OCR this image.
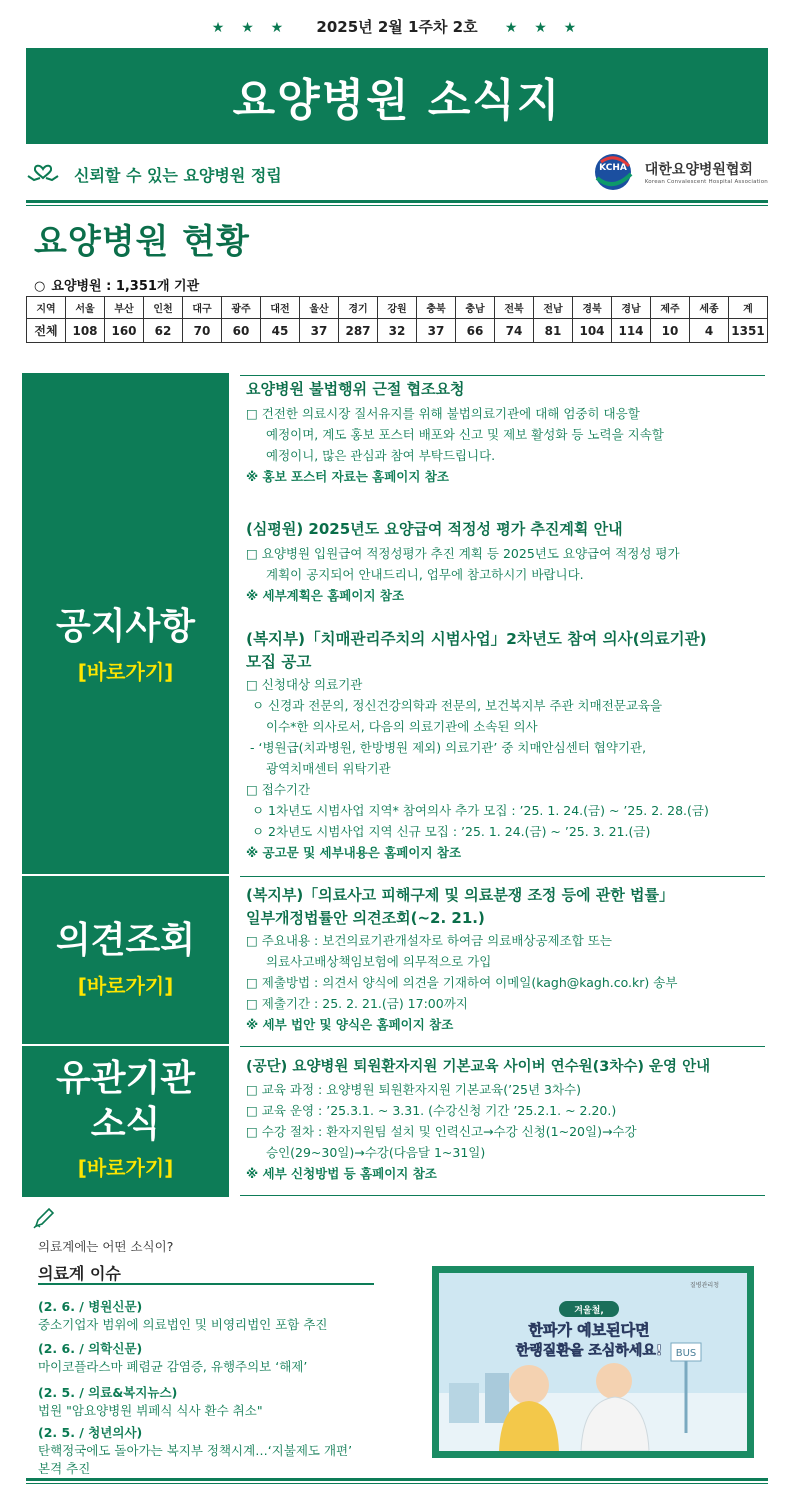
★ ★ ★ 2025년 2월 1주차 2호 ★ ★ ★
요양병원 소식지
신뢰할 수 있는 요양병원 정립	KCHA 대한요양병원협회
Korean Convalescent Hospital Association
요양병원 현황
○ 요양병원 : 1,351개 기관
지역	서울	부산	인천	대구	광주	대전	울산	경기	강원	충북	충남	전북	전남	경북	경남	제주	세종	계
전체	108	160	62	70	60	45	37	287	32	37	66	74	81	104	114	10	4	1351
공지사항
[바로가기]
의견조회
[바로가기]
유관기관
소식
[바로가기]
요양병원 불법행위 근절 협조요청
□ 건전한 의료시장 질서유지를 위해 불법의료기관에 대해 엄중히 대응할
예정이며, 계도 홍보 포스터 배포와 신고 및 제보 활성화 등 노력을 지속할
예정이니, 많은 관심과 참여 부탁드립니다.
※ 홍보 포스터 자료는 홈페이지 참조
(심평원) 2025년도 요양급여 적정성 평가 추진계획 안내
□ 요양병원 입원급여 적정성평가 추진 계획 등 2025년도 요양급여 적정성 평가
계획이 공지되어 안내드리니, 업무에 참고하시기 바랍니다.
※ 세부계획은 홈페이지 참조
(복지부)「치매관리주치의 시범사업」2차년도 참여 의사(의료기관)
모집 공고
□ 신청대상 의료기관
ㅇ 신경과 전문의, 정신건강의학과 전문의, 보건복지부 주관 치매전문교육을
이수*한 의사로서, 다음의 의료기관에 소속된 의사
- ‘병원급(치과병원, 한방병원 제외) 의료기관’ 중 치매안심센터 협약기관,
광역치매센터 위탁기관
□ 접수기간
ㅇ 1차년도 시범사업 지역* 참여의사 추가 모집 : ’25. 1. 24.(금) ~ ’25. 2. 28.(금)
ㅇ 2차년도 시범사업 지역 신규 모집 : ’25. 1. 24.(금) ~ ’25. 3. 21.(금)
※ 공고문 및 세부내용은 홈페이지 참조
(복지부)「의료사고 피해구제 및 의료분쟁 조정 등에 관한 법률」
일부개정법률안 의견조회(~2. 21.)
□ 주요내용 : 보건의료기관개설자로 하여금 의료배상공제조합 또는
의료사고배상책임보험에 의무적으로 가입
□ 제출방법 : 의견서 양식에 의견을 기재하여 이메일(kagh@kagh.co.kr) 송부
□ 제출기간 : 25. 2. 21.(금) 17:00까지
※ 세부 법안 및 양식은 홈페이지 참조
(공단) 요양병원 퇴원환자지원 기본교육 사이버 연수원(3차수) 운영 안내
□ 교육 과정 : 요양병원 퇴원환자지원 기본교육(’25년 3차수)
□ 교육 운영 : ’25.3.1. ~ 3.31. (수강신청 기간 ’25.2.1. ~ 2.20.)
□ 수강 절차 : 환자지원팀 설치 및 인력신고→수강 신청(1~20일)→수강
승인(29~30일)→수강(다음달 1~31일)
※ 세부 신청방법 등 홈페이지 참조
의료계에는 어떤 소식이?
의료계 이슈
(2. 6. / 병원신문)
중소기업자 범위에 의료법인 및 비영리법인 포함 추진
(2. 6. / 의학신문)
마이코플라스마 폐렴균 감염증, 유행주의보 ‘해제’
(2. 5. / 의료&복지뉴스)
법원 "암요양병원 뷔페식 식사 환수 취소"
(2. 5. / 청년의사)
탄핵정국에도 돌아가는 복지부 정책시계…‘지불제도 개편’
본격 추진
BUS
겨울철,
한파가 예보된다면
한랭질환을 조심하세요!
질병관리청
